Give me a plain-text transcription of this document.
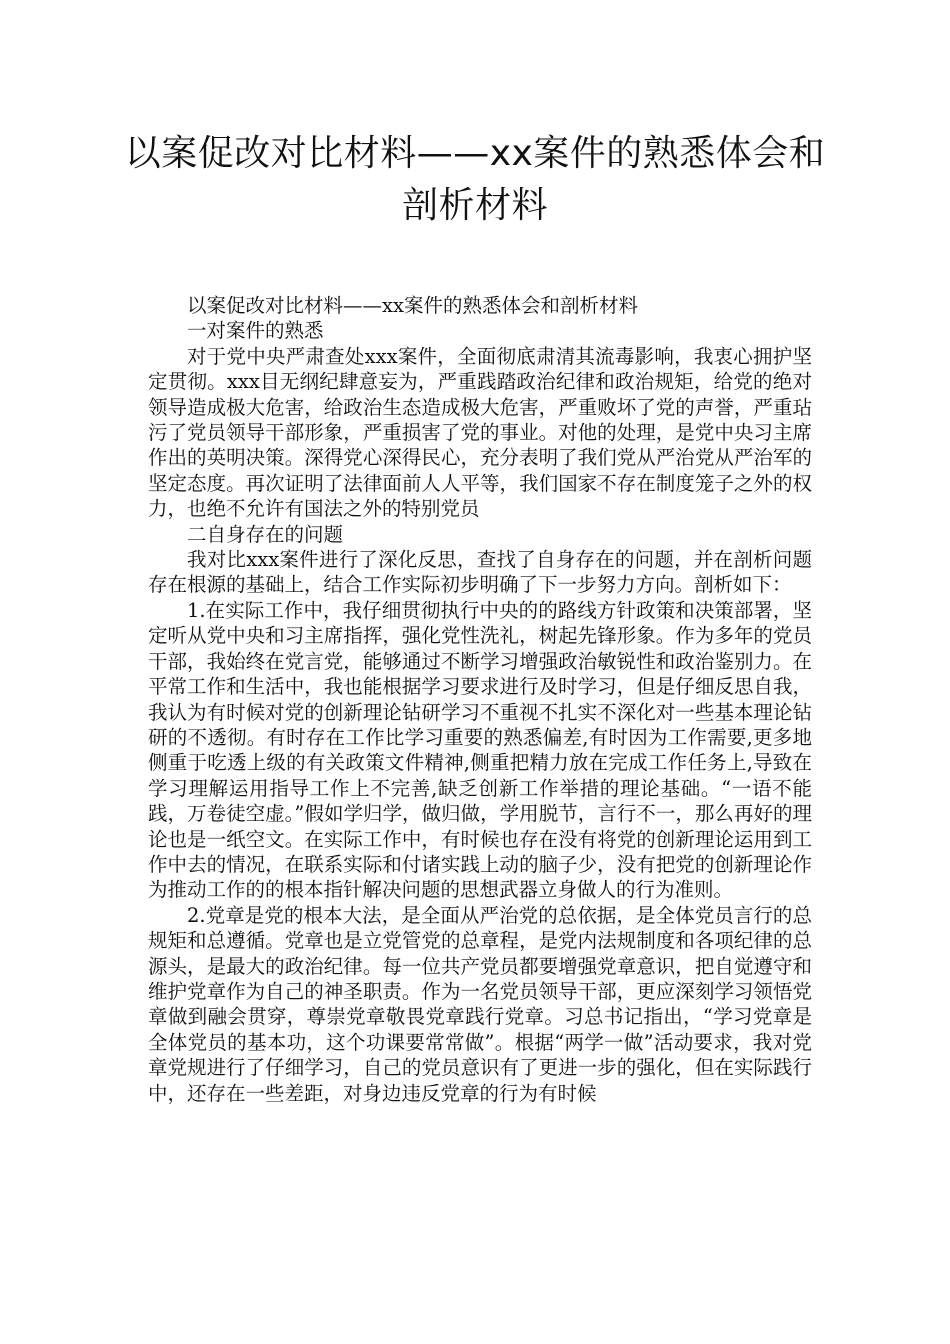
以案促改对比材料——xx案件的熟悉体会和剖析材料

以案促改对比材料——xx案件的熟悉体会和剖析材料

一对案件的熟悉

对于党中央严肃查处xxx案件，全面彻底肃清其流毒影响，我衷心拥护坚定贯彻。xxx目无纲纪肆意妄为，严重践踏政治纪律和政治规矩，给党的绝对领导造成极大危害，给政治生态造成极大危害，严重败坏了党的声誉，严重玷污了党员领导干部形象，严重损害了党的事业。对他的处理，是党中央习主席作出的英明决策。深得党心深得民心，充分表明了我们党从严治党从严治军的坚定态度。再次证明了法律面前人人平等，我们国家不存在制度笼子之外的权力，也绝不允许有国法之外的特别党员

二自身存在的问题

我对比xxx案件进行了深化反思，查找了自身存在的问题，并在剖析问题存在根源的基础上，结合工作实际初步明确了下一步努力方向。剖析如下：

1.在实际工作中，我仔细贯彻执行中央的的路线方针政策和决策部署，坚定听从党中央和习主席指挥，强化党性洗礼，树起先锋形象。作为多年的党员干部，我始终在党言党，能够通过不断学习增强政治敏锐性和政治鉴别力。在平常工作和生活中，我也能根据学习要求进行及时学习，但是仔细反思自我，我认为有时候对党的创新理论钻研学习不重视不扎实不深化对一些基本理论钻研的不透彻。有时存在工作比学习重要的熟悉偏差,有时因为工作需要,更多地侧重于吃透上级的有关政策文件精神,侧重把精力放在完成工作任务上,导致在学习理解运用指导工作上不完善,缺乏创新工作举措的理论基础。“一语不能践，万卷徒空虚。”假如学归学，做归做，学用脱节，言行不一，那么再好的理论也是一纸空文。在实际工作中，有时候也存在没有将党的创新理论运用到工作中去的情况，在联系实际和付诸实践上动的脑子少，没有把党的创新理论作为推动工作的的根本指针解决问题的思想武器立身做人的行为准则。

2.党章是党的根本大法，是全面从严治党的总依据，是全体党员言行的总规矩和总遵循。党章也是立党管党的总章程，是党内法规制度和各项纪律的总源头，是最大的政治纪律。每一位共产党员都要增强党章意识，把自觉遵守和维护党章作为自己的神圣职责。作为一名党员领导干部，更应深刻学习领悟党章做到融会贯穿，尊崇党章敬畏党章践行党章。习总书记指出，“学习党章是全体党员的基本功，这个功课要常常做”。根据“两学一做”活动要求，我对党章党规进行了仔细学习，自己的党员意识有了更进一步的强化，但在实际践行中，还存在一些差距，对身边违反党章的行为有时候
